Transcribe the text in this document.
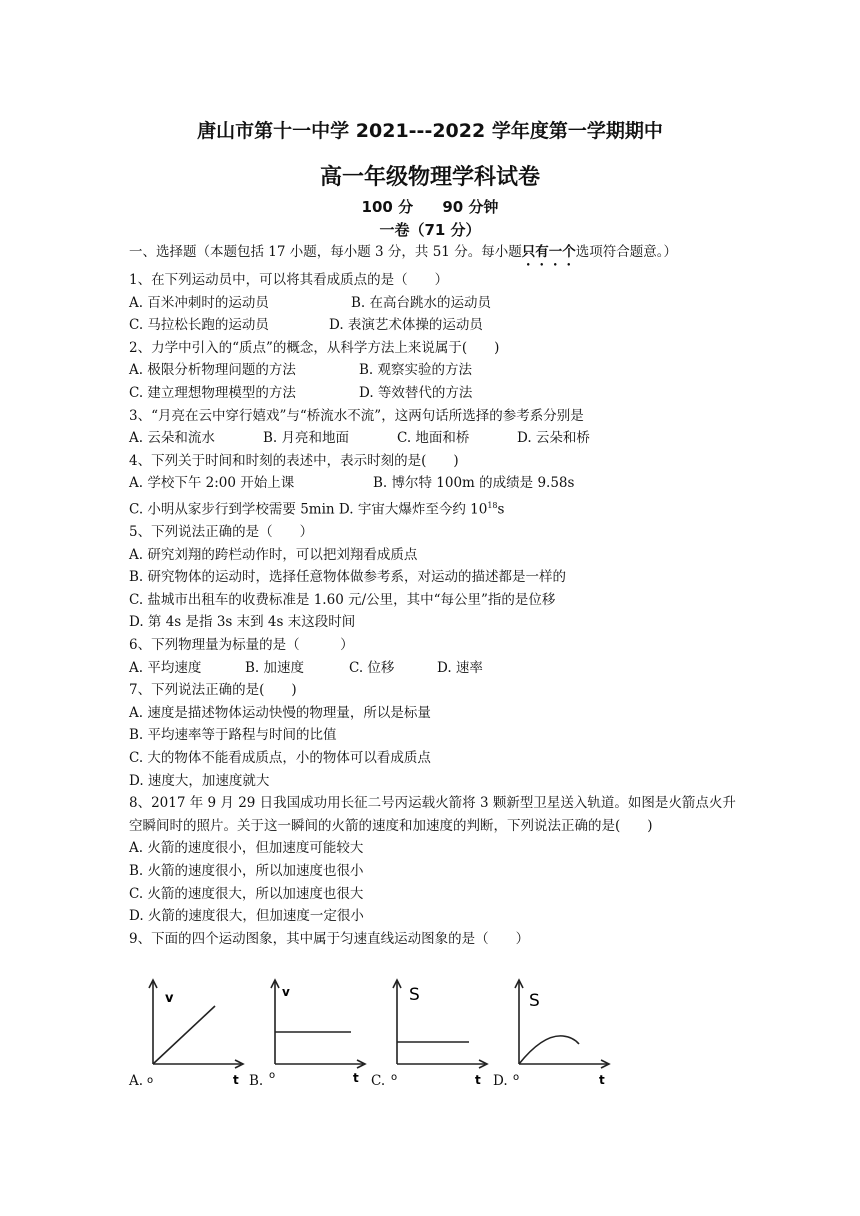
唐山市第十一中学 2021---2022 学年度第一学期期中
高一年级物理学科试卷
100 分 90 分钟
一卷（71 分）
一、选择题（本题包括 17 小题，每小题 3 分，共 51 分。每小题只有一个选项符合题意。）
1、在下列运动员中，可以将其看成质点的是（　　）
A. 百米冲刺时的运动员	B. 在高台跳水的运动员
C. 马拉松长跑的运动员	D. 表演艺术体操的运动员
2、力学中引入的“质点”的概念，从科学方法上来说属于(　　)
A. 极限分析物理问题的方法	B. 观察实验的方法
C. 建立理想物理模型的方法	D. 等效替代的方法
3、“月亮在云中穿行嬉戏”与“桥流水不流”，这两句话所选择的参考系分别是
A. 云朵和流水	B. 月亮和地面	C. 地面和桥	D. 云朵和桥
4、下列关于时间和时刻的表述中，表示时刻的是(　　)
A. 学校下午 2:00 开始上课	B. 博尔特 100m 的成绩是 9.58s
C. 小明从家步行到学校需要 5min D. 宇宙大爆炸至今约 $10^{18}s$
5、下列说法正确的是（　　）
A. 研究刘翔的跨栏动作时，可以把刘翔看成质点
B. 研究物体的运动时，选择任意物体做参考系，对运动的描述都是一样的
C. 盐城市出租车的收费标准是 1.60 元/公里，其中“每公里”指的是位移
D. 第 4s 是指 3s 末到 4s 末这段时间
6、下列物理量为标量的是（　　　）
A. 平均速度	B. 加速度	C. 位移	D. 速率
7、下列说法正确的是(　　)
A. 速度是描述物体运动快慢的物理量，所以是标量
B. 平均速率等于路程与时间的比值
C. 大的物体不能看成质点，小的物体可以看成质点
D. 速度大，加速度就大
8、2017 年 9 月 29 日我国成功用长征二号丙运载火箭将 3 颗新型卫星送入轨道。如图是火箭点火升空瞬间时的照片。关于这一瞬间的火箭的速度和加速度的判断，下列说法正确的是(　　)
A. 火箭的速度很小，但加速度可能较大
B. 火箭的速度很小，所以加速度也很小
C. 火箭的速度很大，所以加速度也很大
D. 火箭的速度很大，但加速度一定很小
9、下面的四个运动图象，其中属于匀速直线运动图象的是（　　）
A.
v
o	t B.
v
o	t C.
S
o	t D.
S
o	t
